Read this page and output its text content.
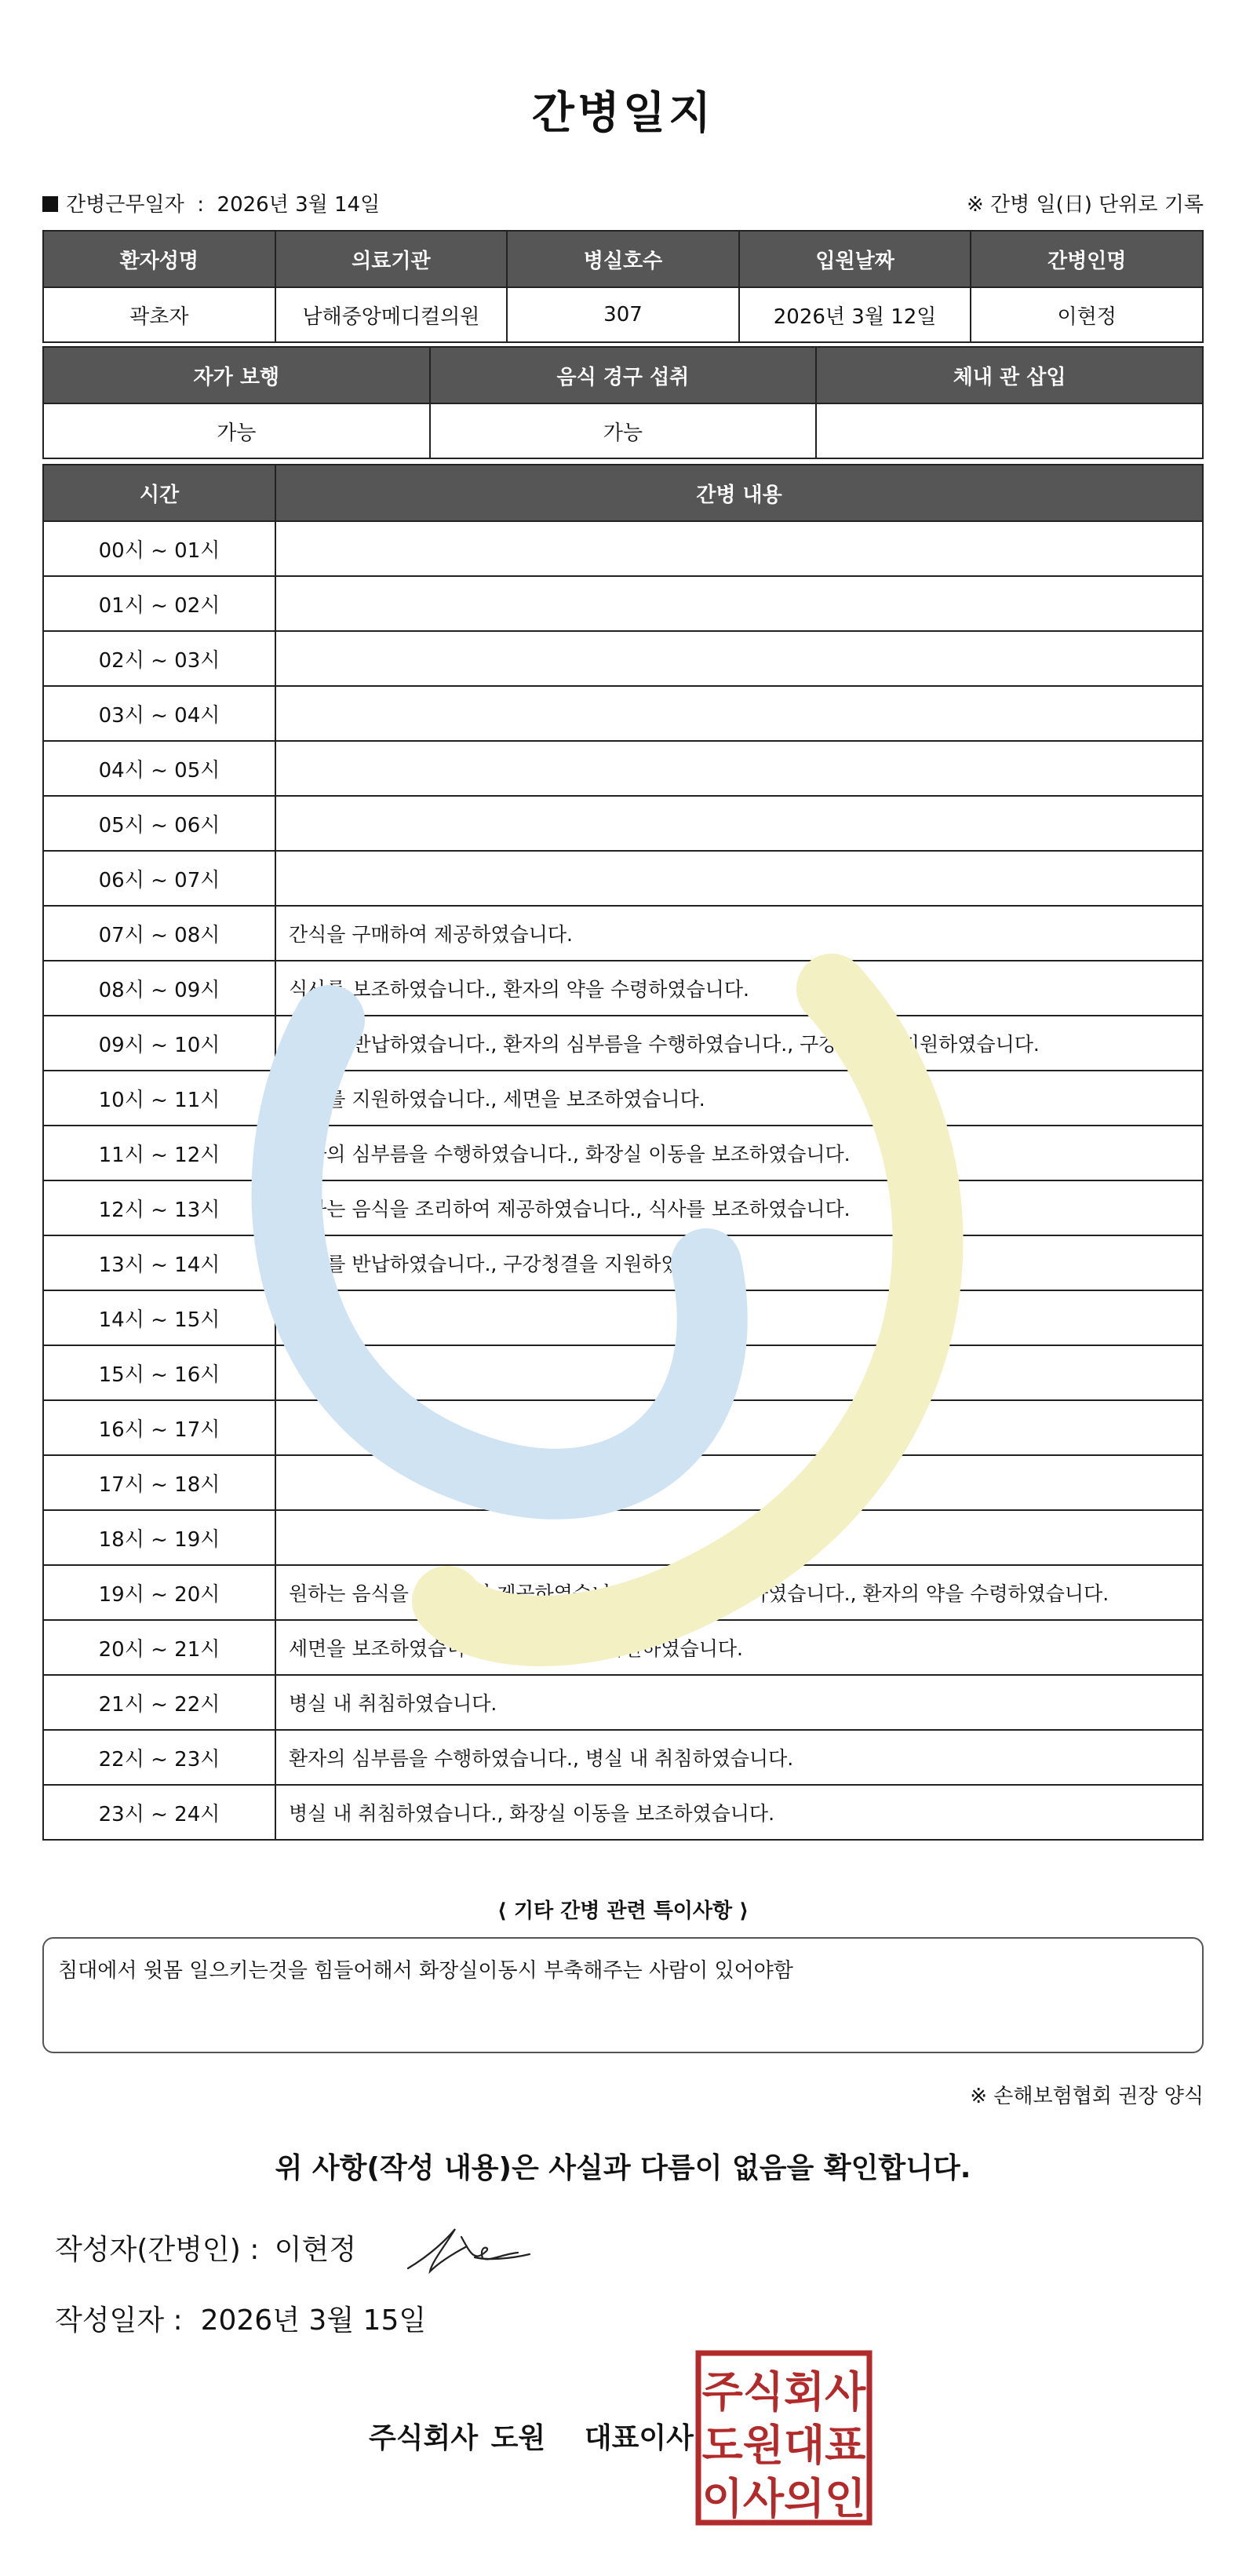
간병일지
간병근무일자 : 2026년 3월 14일	※ 간병 일(日) 단위로 기록
환자성명	의료기관	병실호수	입원날짜	간병인명
곽초자	남해중앙메디컬의원	307	2026년 3월 12일	이현정
자가 보행	음식 경구 섭취	체내 관 삽입
가능	가능	
시간	간병 내용
00시 ~ 01시	
01시 ~ 02시	
02시 ~ 03시	
03시 ~ 04시	
04시 ~ 05시	
05시 ~ 06시	
06시 ~ 07시	
07시 ~ 08시	간식을 구매하여 제공하였습니다.
08시 ~ 09시	식사를 보조하였습니다., 환자의 약을 수령하였습니다.
09시 ~ 10시	식기를 반납하였습니다., 환자의 심부름을 수행하였습니다., 구강청결을 지원하였습니다.
10시 ~ 11시	샤워를 지원하였습니다., 세면을 보조하였습니다.
11시 ~ 12시	환자의 심부름을 수행하였습니다., 화장실 이동을 보조하였습니다.
12시 ~ 13시	원하는 음식을 조리하여 제공하였습니다., 식사를 보조하였습니다.
13시 ~ 14시	식기를 반납하였습니다., 구강청결을 지원하였습니다.
14시 ~ 15시	
15시 ~ 16시	
16시 ~ 17시	
17시 ~ 18시	
18시 ~ 19시	
19시 ~ 20시	원하는 음식을 조리하여 제공하였습니다., 식기를 반납하였습니다., 환자의 약을 수령하였습니다.
20시 ~ 21시	세면을 보조하였습니다., 구강청결을 지원하였습니다.
21시 ~ 22시	병실 내 취침하였습니다.
22시 ~ 23시	환자의 심부름을 수행하였습니다., 병실 내 취침하였습니다.
23시 ~ 24시	병실 내 취침하였습니다., 화장실 이동을 보조하였습니다.
⟨ 기타 간병 관련 특이사항 ⟩
침대에서 윗몸 일으키는것을 힘들어해서 화장실이동시 부축해주는 사람이 있어야함
※ 손해보험협회 권장 양식
위 사항(작성 내용)은 사실과 다름이 없음을 확인합니다.
작성자(간병인) : 이현정
작성일자 : 2026년 3월 15일
주식회사 도원 대표이사
주식회사
도원대표
이사의인
